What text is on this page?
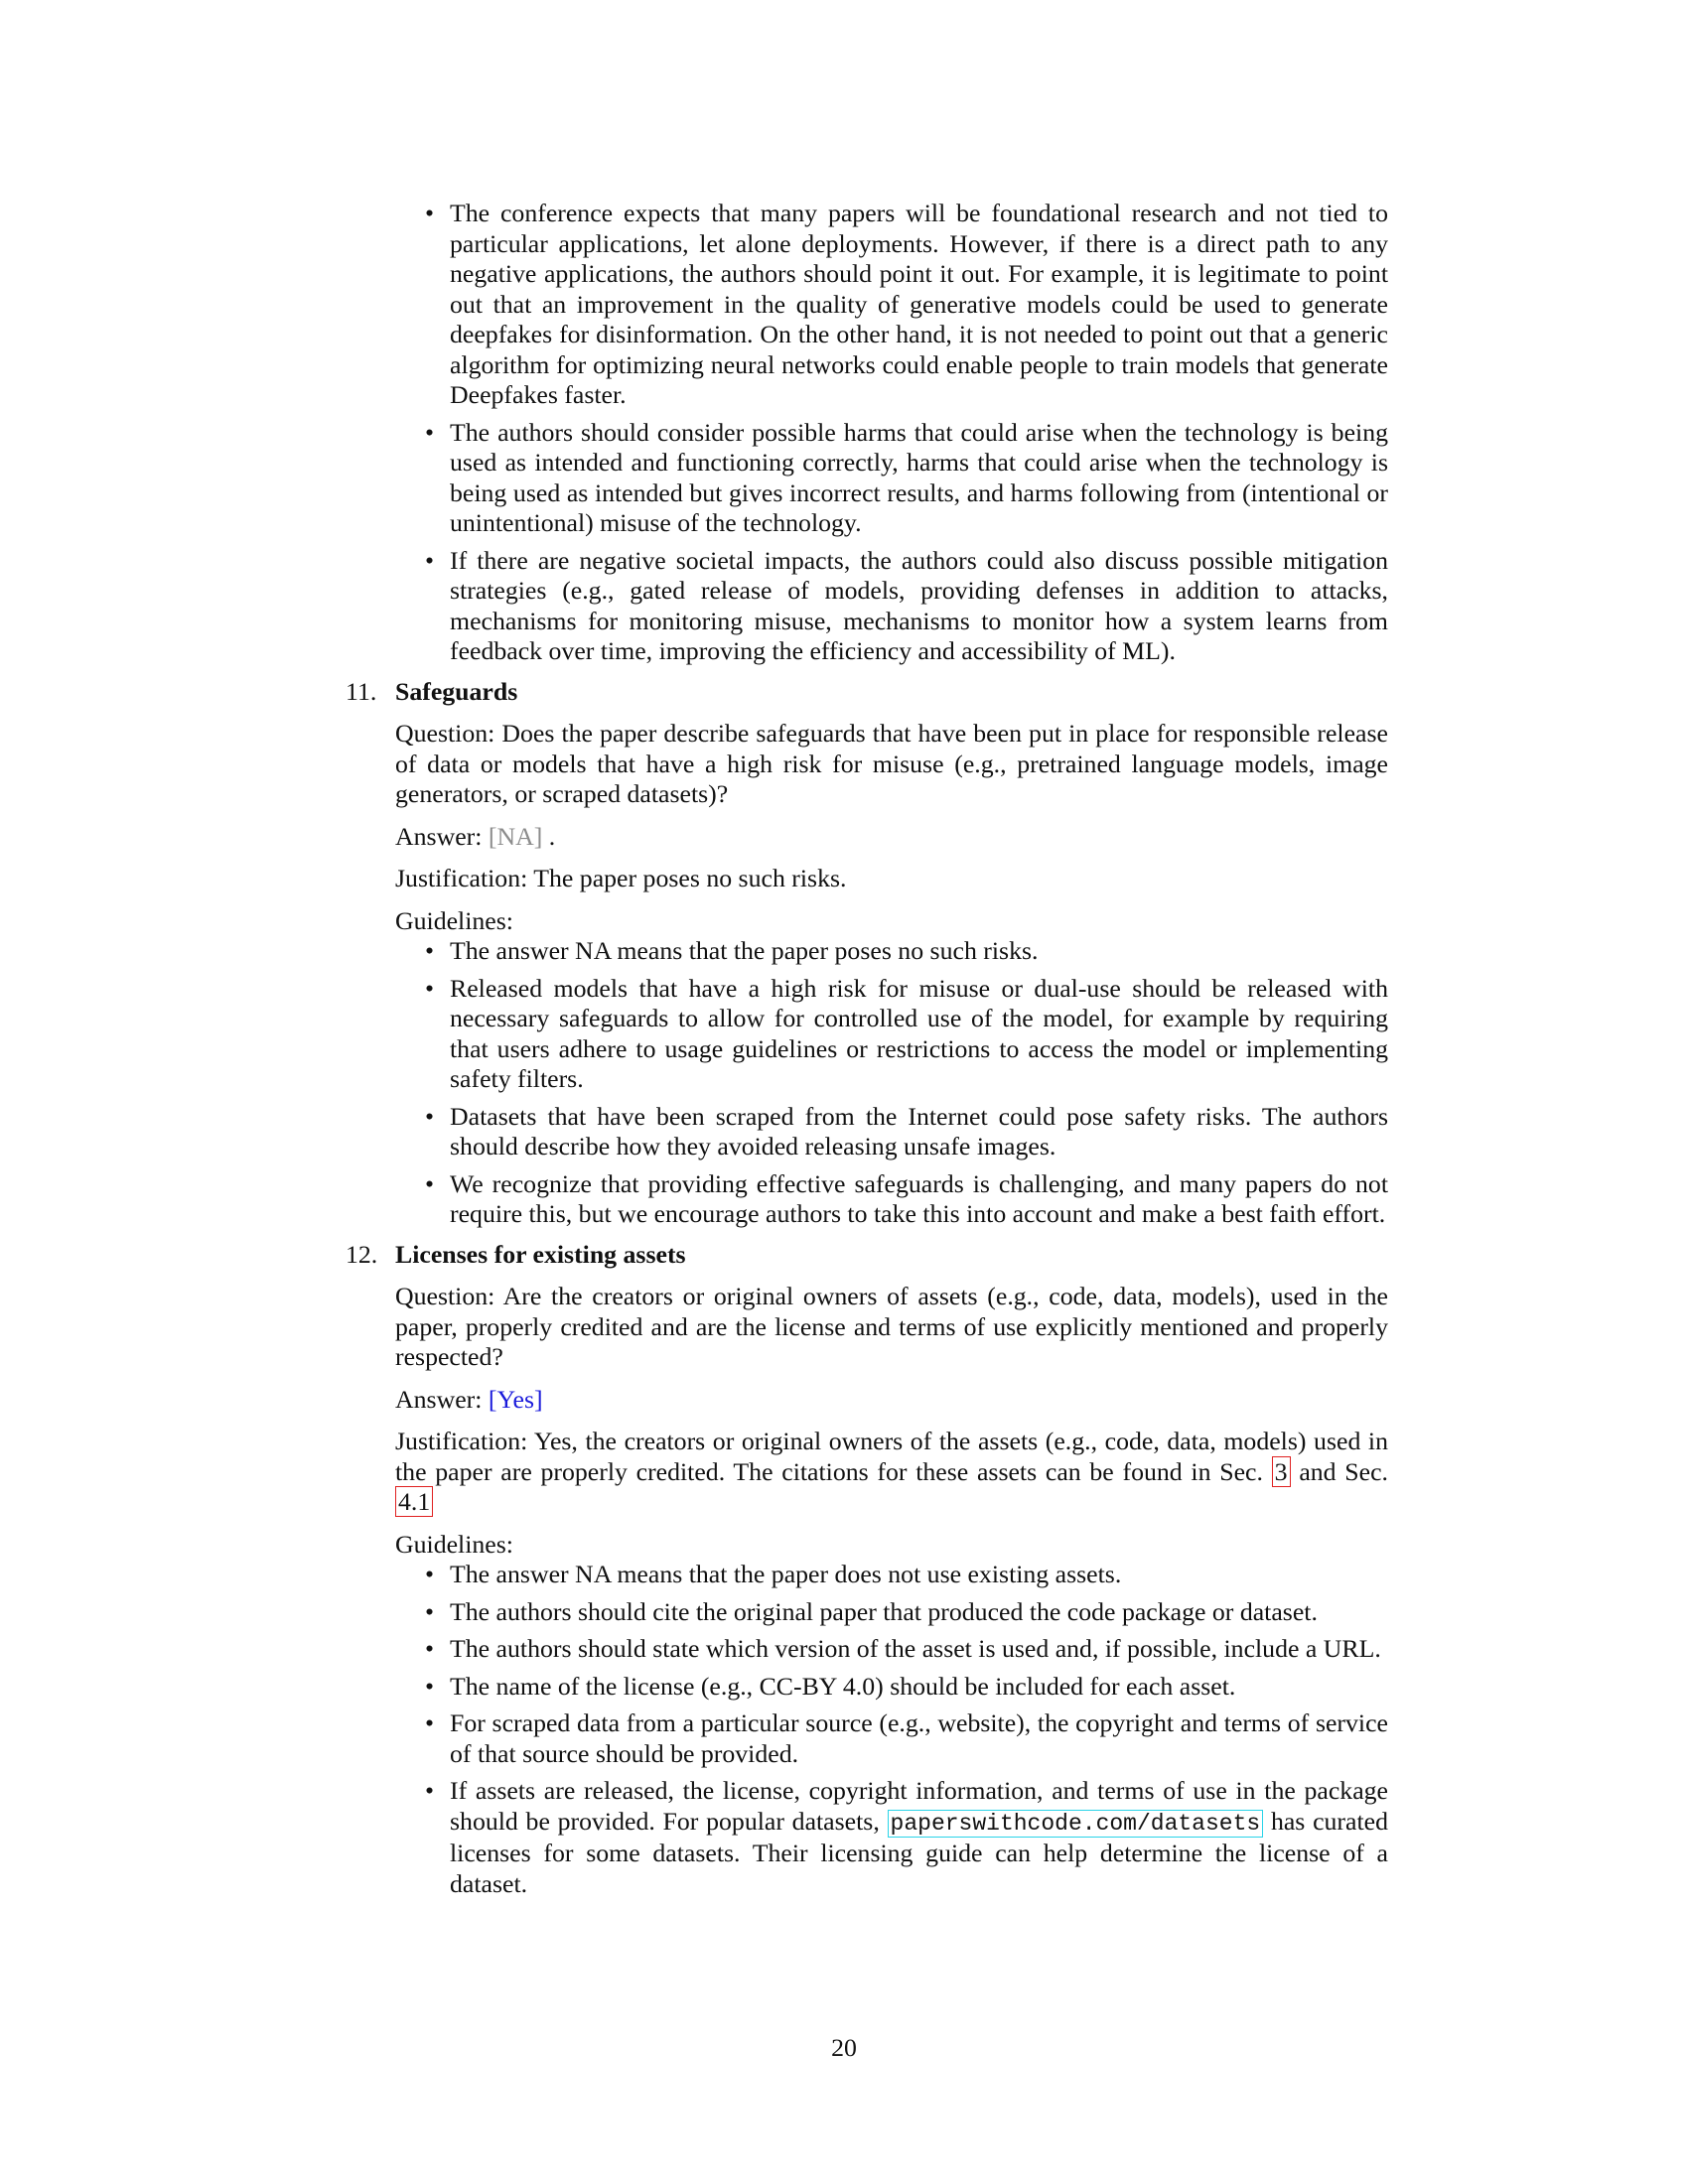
• The conference expects that many papers will be foundational research and not tied to particular applications, let alone deployments. However, if there is a direct path to any negative applications, the authors should point it out. For example, it is legitimate to point out that an improvement in the quality of generative models could be used to generate deepfakes for disinformation. On the other hand, it is not needed to point out that a generic algorithm for optimizing neural networks could enable people to train models that generate Deepfakes faster.
• The authors should consider possible harms that could arise when the technology is being used as intended and functioning correctly, harms that could arise when the technology is being used as intended but gives incorrect results, and harms following from (intentional or unintentional) misuse of the technology.
• If there are negative societal impacts, the authors could also discuss possible mitigation strategies (e.g., gated release of models, providing defenses in addition to attacks, mechanisms for monitoring misuse, mechanisms to monitor how a system learns from feedback over time, improving the efficiency and accessibility of ML).
11. Safeguards

Question: Does the paper describe safeguards that have been put in place for responsible release of data or models that have a high risk for misuse (e.g., pretrained language models, image generators, or scraped datasets)?

Answer: [NA] .

Justification: The paper poses no such risks.

Guidelines:

• The answer NA means that the paper poses no such risks.
• Released models that have a high risk for misuse or dual-use should be released with necessary safeguards to allow for controlled use of the model, for example by requiring that users adhere to usage guidelines or restrictions to access the model or implementing safety filters.
• Datasets that have been scraped from the Internet could pose safety risks. The authors should describe how they avoided releasing unsafe images.
• We recognize that providing effective safeguards is challenging, and many papers do not require this, but we encourage authors to take this into account and make a best faith effort.
12. Licenses for existing assets

Question: Are the creators or original owners of assets (e.g., code, data, models), used in the paper, properly credited and are the license and terms of use explicitly mentioned and properly respected?

Answer: [Yes]

Justification: Yes, the creators or original owners of the assets (e.g., code, data, models) used in the paper are properly credited. The citations for these assets can be found in Sec. 3 and Sec. 4.1

Guidelines:

• The answer NA means that the paper does not use existing assets.
• The authors should cite the original paper that produced the code package or dataset.
• The authors should state which version of the asset is used and, if possible, include a URL.
• The name of the license (e.g., CC-BY 4.0) should be included for each asset.
• For scraped data from a particular source (e.g., website), the copyright and terms of service of that source should be provided.
• If assets are released, the license, copyright information, and terms of use in the package should be provided. For popular datasets, paperswithcode.com/datasets has curated licenses for some datasets. Their licensing guide can help determine the license of a dataset.
20
